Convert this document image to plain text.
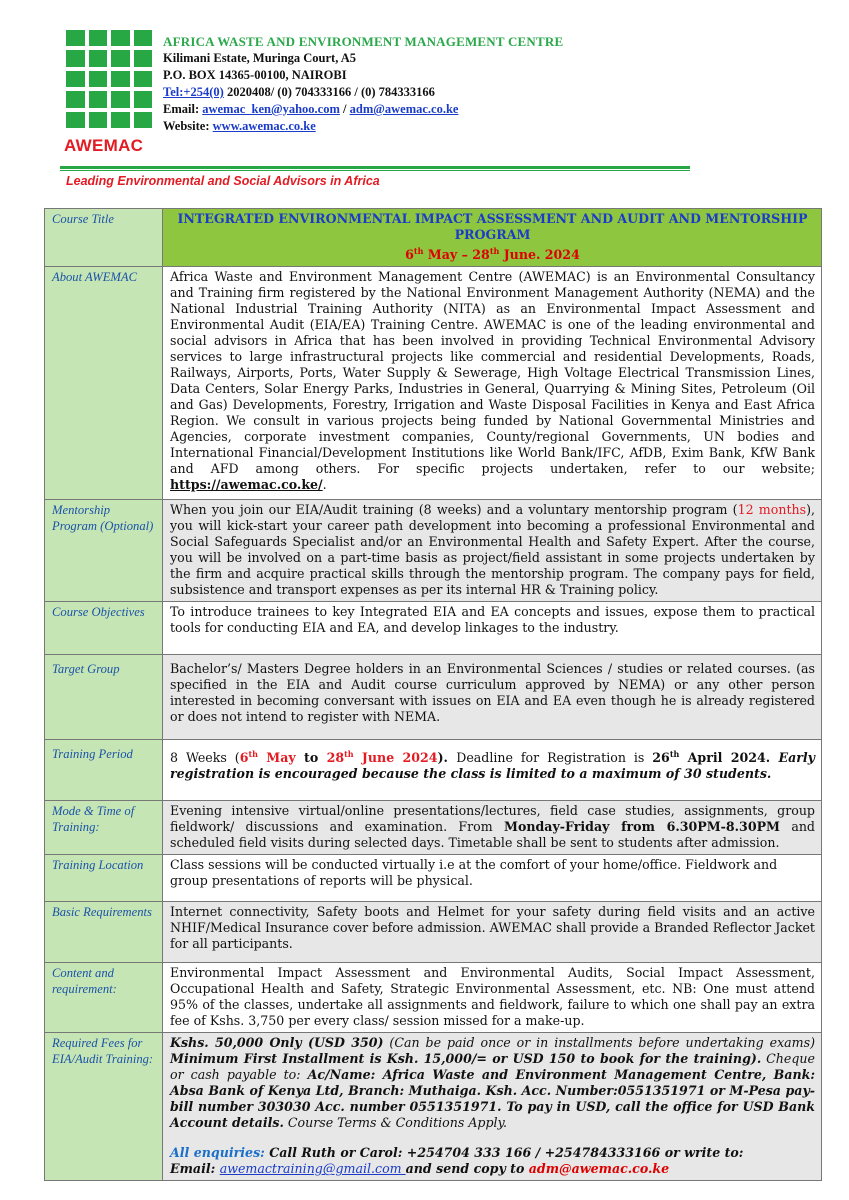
AWEMAC
AFRICA WASTE AND ENVIRONMENT MANAGEMENT CENTRE
Kilimani Estate, Muringa Court, A5
P.O. BOX 14365-00100, NAIROBI
Tel:+254(0) 2020408/ (0) 704333166 / (0) 784333166
Email: awemac_ken@yahoo.com / adm@awemac.co.ke
Website: www.awemac.co.ke
Leading Environmental and Social Advisors in Africa
Course Title	INTEGRATED ENVIRONMENTAL IMPACT ASSESSMENT AND AUDIT AND MENTORSHIP PROGRAM
6th May – 28th June. 2024

About AWEMAC	Africa Waste and Environment Management Centre (AWEMAC) is an Environmental Consultancy and Training firm registered by the National Environment Management Authority (NEMA) and the National Industrial Training Authority (NITA) as an Environmental Impact Assessment and Environmental Audit (EIA/EA) Training Centre. AWEMAC is one of the leading environmental and social advisors in Africa that has been involved in providing Technical Environmental Advisory services to large infrastructural projects like commercial and residential Developments, Roads, Railways, Airports, Ports, Water Supply & Sewerage, High Voltage Electrical Transmission Lines, Data Centers, Solar Energy Parks, Industries in General, Quarrying & Mining Sites, Petroleum (Oil and Gas) Developments, Forestry, Irrigation and Waste Disposal Facilities in Kenya and East Africa Region. We consult in various projects being funded by National Governmental Ministries and Agencies, corporate investment companies, County/regional Governments, UN bodies and International Financial/Development Institutions like World Bank/IFC, AfDB, Exim Bank, KfW Bank and AFD among others. For specific projects undertaken, refer to our website; https://awemac.co.ke/.
Mentorship Program (Optional)	When you join our EIA/Audit training (8 weeks) and a voluntary mentorship program (12 months), you will kick-start your career path development into becoming a professional Environmental and Social Safeguards Specialist and/or an Environmental Health and Safety Expert. After the course, you will be involved on a part-time basis as project/field assistant in some projects undertaken by the firm and acquire practical skills through the mentorship program. The company pays for field, subsistence and transport expenses as per its internal HR & Training policy.
Course Objectives	To introduce trainees to key Integrated EIA and EA concepts and issues, expose them to practical tools for conducting EIA and EA, and develop linkages to the industry.
Target Group	Bachelor’s/ Masters Degree holders in an Environmental Sciences / studies or related courses. (as specified in the EIA and Audit course curriculum approved by NEMA) or any other person interested in becoming conversant with issues on EIA and EA even though he is already registered or does not intend to register with NEMA.
Training Period	8 Weeks (6th May to 28th June 2024). Deadline for Registration is 26th April 2024. Early registration is encouraged because the class is limited to a maximum of 30 students.
Mode & Time of Training:	Evening intensive virtual/online presentations/lectures, field case studies, assignments, group fieldwork/ discussions and examination. From Monday-Friday from 6.30PM-8.30PM and scheduled field visits during selected days. Timetable shall be sent to students after admission.
Training Location	Class sessions will be conducted virtually i.e at the comfort of your home/office. Fieldwork and group presentations of reports will be physical.
Basic Requirements	Internet connectivity, Safety boots and Helmet for your safety during field visits and an active NHIF/Medical Insurance cover before admission. AWEMAC shall provide a Branded Reflector Jacket for all participants.
Content and requirement:	Environmental Impact Assessment and Environmental Audits, Social Impact Assessment, Occupational Health and Safety, Strategic Environmental Assessment, etc. NB: One must attend 95% of the classes, undertake all assignments and fieldwork, failure to which one shall pay an extra fee of Kshs. 3,750 per every class/ session missed for a make-up.
Required Fees for EIA/Audit Training:	Kshs. 50,000 Only (USD 350) (Can be paid once or in installments before undertaking exams) Minimum First Installment is Ksh. 15,000/= or USD 150 to book for the training). Cheque or cash payable to: Ac/Name: Africa Waste and Environment Management Centre, Bank: Absa Bank of Kenya Ltd, Branch: Muthaiga. Ksh. Acc. Number:0551351971 or M-Pesa pay-bill number 303030 Acc. number 0551351971. To pay in USD, call the office for USD Bank Account details. Course Terms & Conditions Apply.
All enquiries: Call Ruth or Carol: +254704 333 166 / +254784333166 or write to:
Email: awemactraining@gmail.com and send copy to adm@awemac.co.ke
